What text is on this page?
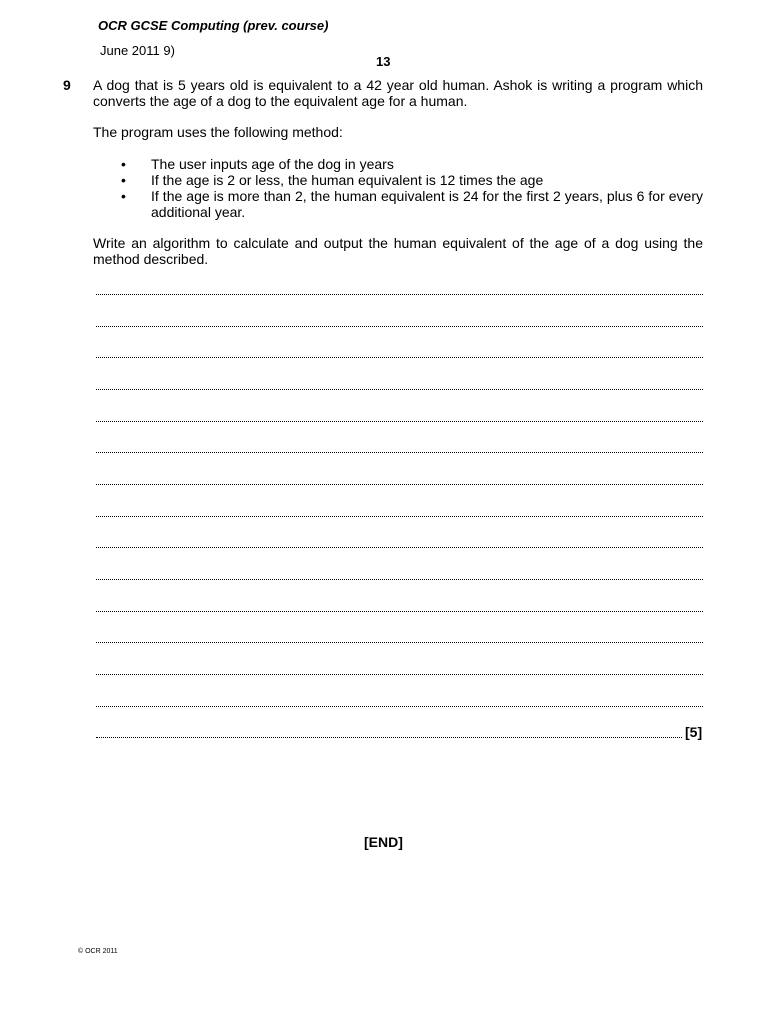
OCR GCSE Computing (prev. course)
June 2011 9)
13
9 A dog that is 5 years old is equivalent to a 42 year old human. Ashok is writing a program which converts the age of a dog to the equivalent age for a human.
The program uses the following method:
• The user inputs age of the dog in years
• If the age is 2 or less, the human equivalent is 12 times the age
• If the age is more than 2, the human equivalent is 24 for the first 2 years, plus 6 for every additional year.
Write an algorithm to calculate and output the human equivalent of the age of a dog using the method described.
[5]
[END]
© OCR 2011
